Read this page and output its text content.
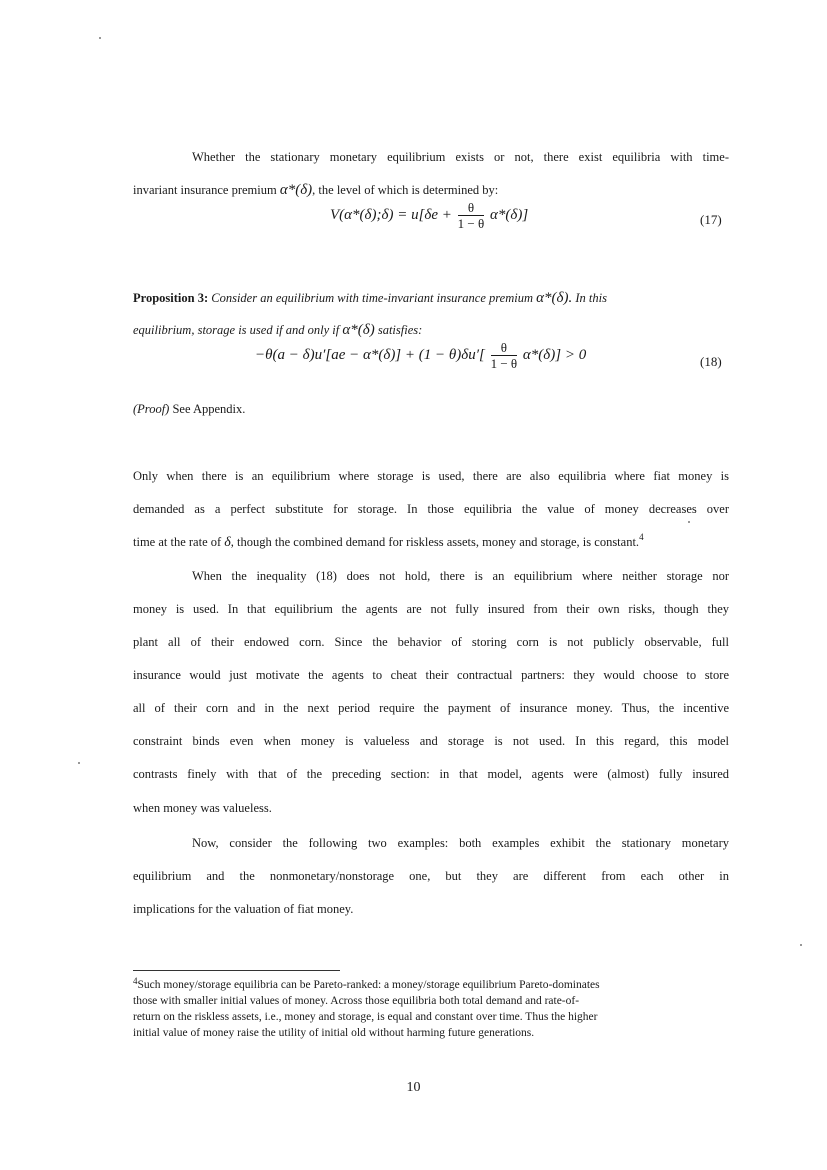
Whether the stationary monetary equilibrium exists or not, there exist equilibria with time-
invariant insurance premium α*(δ), the level of which is determined by:
V(α*(δ);δ) = $u[\delta e + \frac{\theta}{1 - \theta} \alpha*(\delta)]$	(17)
Proposition 3: Consider an equilibrium with time-invariant insurance premium α*(δ). In this
equilibrium, storage is used if and only if α*(δ) satisfies:
$-\theta(a - \delta)u'[ae - \alpha*(\delta)] + (1 - \theta)\delta u'[ \frac{\theta}{1 - \theta} \alpha*(\delta)] > 0$	(18)
(Proof) See Appendix.
Only when there is an equilibrium where storage is used, there are also equilibria where fiat money is
demanded as a perfect substitute for storage. In those equilibria the value of money decreases over
time at the rate of δ, though the combined demand for riskless assets, money and storage, is constant.$^4$
When the inequality (18) does not hold, there is an equilibrium where neither storage nor
money is used. In that equilibrium the agents are not fully insured from their own risks, though they
plant all of their endowed corn. Since the behavior of storing corn is not publicly observable, full
insurance would just motivate the agents to cheat their contractual partners: they would choose to store
all of their corn and in the next period require the payment of insurance money. Thus, the incentive
constraint binds even when money is valueless and storage is not used. In this regard, this model
contrasts finely with that of the preceding section: in that model, agents were (almost) fully insured
when money was valueless.
Now, consider the following two examples: both examples exhibit the stationary monetary
equilibrium and the nonmonetary/nonstorage one, but they are different from each other in
implications for the valuation of fiat money.
$^4$Such money/storage equilibria can be Pareto-ranked: a money/storage equilibrium Pareto-dominates
those with smaller initial values of money. Across those equilibria both total demand and rate-of-
return on the riskless assets, i.e., money and storage, is equal and constant over time. Thus the higher
initial value of money raise the utility of initial old without harming future generations.
10
